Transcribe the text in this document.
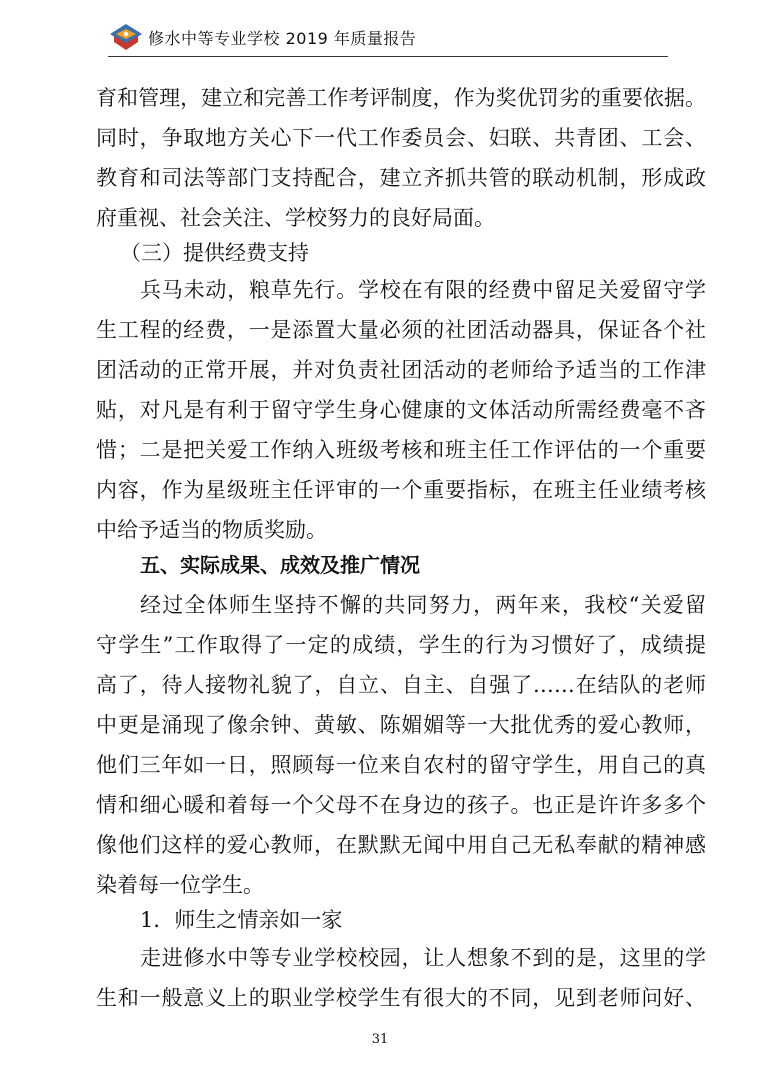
修水中等专业学校 2019 年质量报告
育和管理，建立和完善工作考评制度，作为奖优罚劣的重要依据。
同时，争取地方关心下一代工作委员会、妇联、共青团、工会、
教育和司法等部门支持配合，建立齐抓共管的联动机制，形成政
府重视、社会关注、学校努力的良好局面。
（三）提供经费支持
兵马未动，粮草先行。学校在有限的经费中留足关爱留守学
生工程的经费，一是添置大量必须的社团活动器具，保证各个社
团活动的正常开展，并对负责社团活动的老师给予适当的工作津
贴，对凡是有利于留守学生身心健康的文体活动所需经费毫不吝
惜；二是把关爱工作纳入班级考核和班主任工作评估的一个重要
内容，作为星级班主任评审的一个重要指标，在班主任业绩考核
中给予适当的物质奖励。
五、实际成果、成效及推广情况
经过全体师生坚持不懈的共同努力，两年来，我校“关爱留
守学生”工作取得了一定的成绩，学生的行为习惯好了，成绩提
高了，待人接物礼貌了，自立、自主、自强了……在结队的老师
中更是涌现了像余钟、黄敏、陈媚媚等一大批优秀的爱心教师，
他们三年如一日，照顾每一位来自农村的留守学生，用自己的真
情和细心暖和着每一个父母不在身边的孩子。也正是许许多多个
像他们这样的爱心教师，在默默无闻中用自己无私奉献的精神感
染着每一位学生。
1．师生之情亲如一家
走进修水中等专业学校校园，让人想象不到的是，这里的学
生和一般意义上的职业学校学生有很大的不同，见到老师问好、
31
